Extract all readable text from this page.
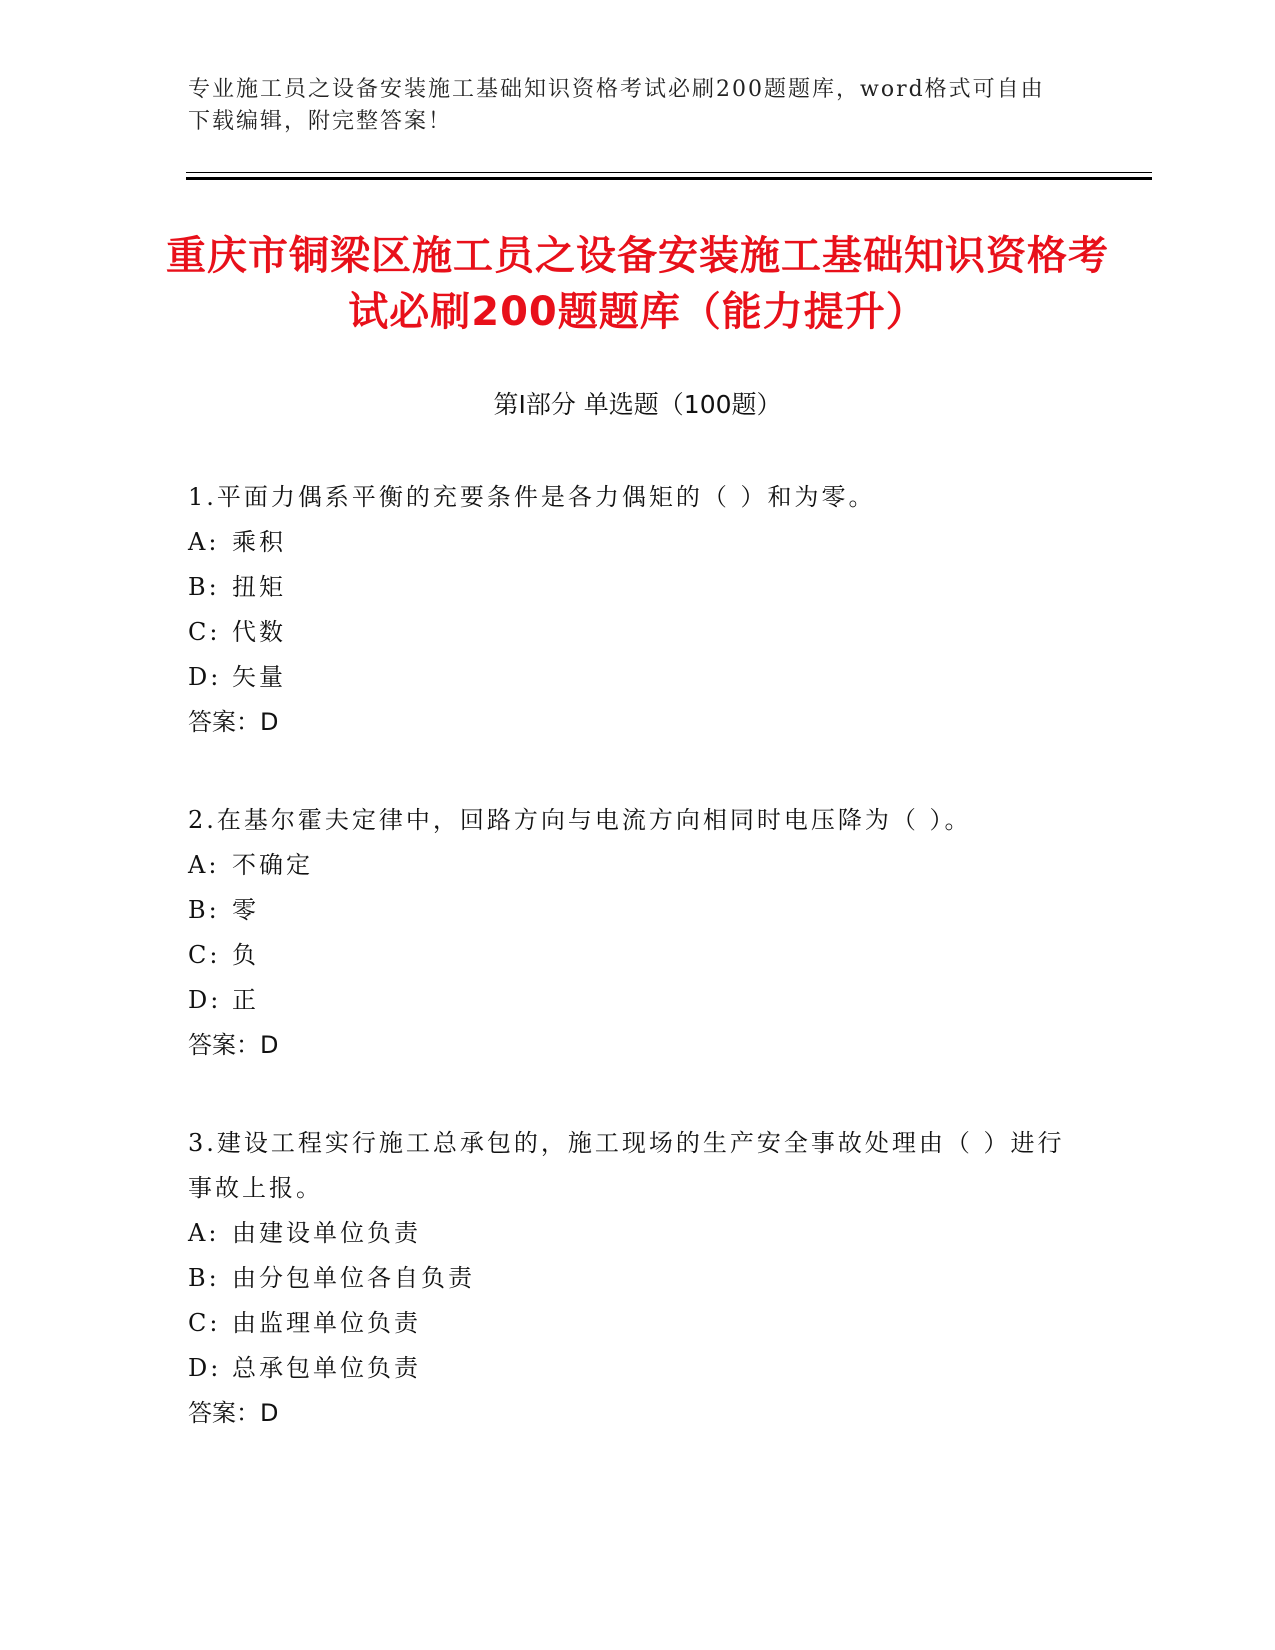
专业施工员之设备安装施工基础知识资格考试必刷200题题库，word格式可自由下载编辑，附完整答案！
重庆市铜梁区施工员之设备安装施工基础知识资格考试必刷200题题库（能力提升）
第Ⅰ部分 单选题（100题）
1.平面力偶系平衡的充要条件是各力偶矩的（ ）和为零。
A: 乘积
B: 扭矩
C: 代数
D: 矢量
答案：D
2.在基尔霍夫定律中，回路方向与电流方向相同时电压降为（ ）。
A: 不确定
B: 零
C: 负
D: 正
答案：D
3.建设工程实行施工总承包的，施工现场的生产安全事故处理由（ ）进行事故上报。
A: 由建设单位负责
B: 由分包单位各自负责
C: 由监理单位负责
D: 总承包单位负责
答案：D
